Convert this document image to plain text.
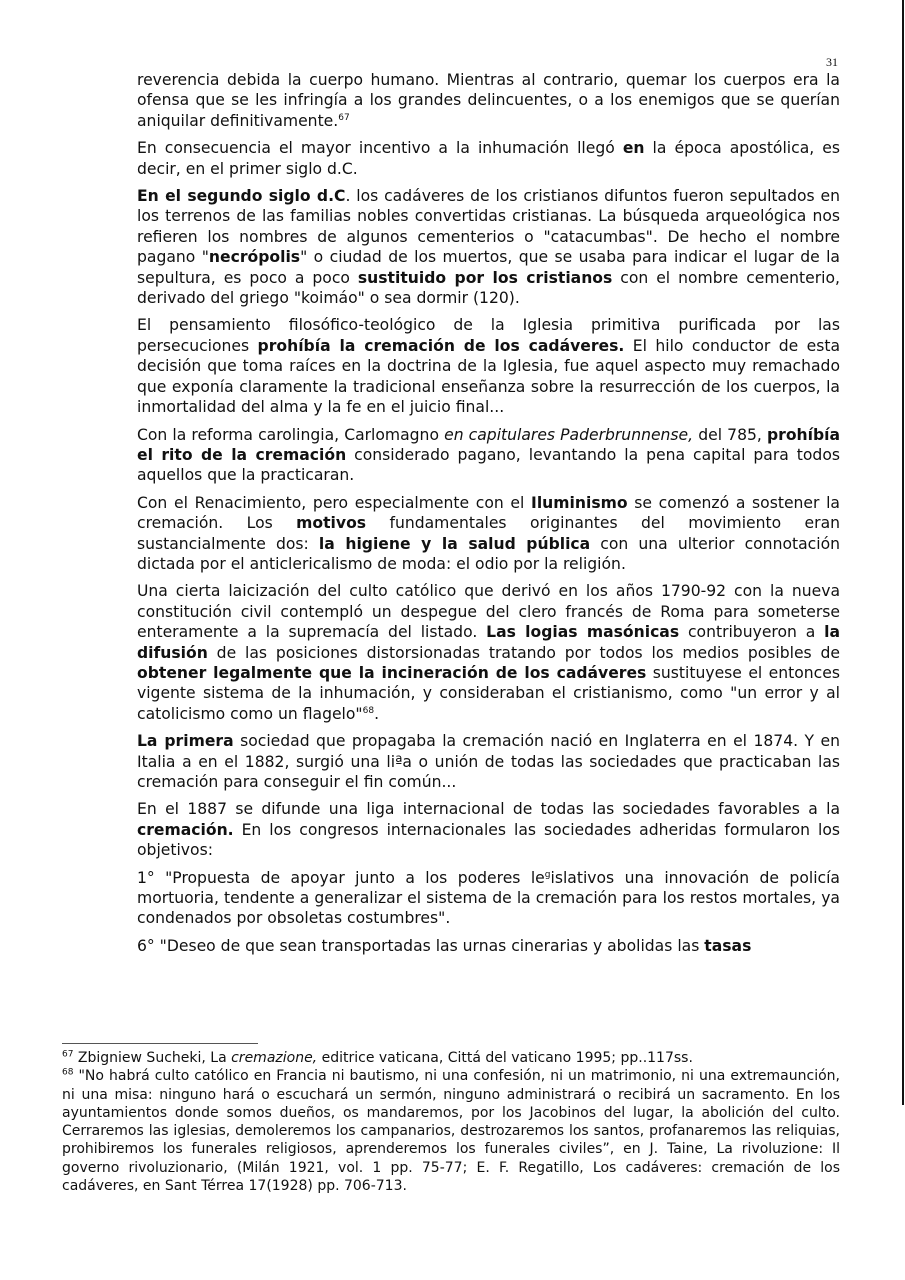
31

reverencia debida la cuerpo humano. Mientras al contrario, quemar los cuerpos era la ofensa que se les infringía a los grandes delincuentes, o a los enemigos que se querían aniquilar definitivamente.$^{67}$

En consecuencia el mayor incentivo a la inhumación llegó en la época apostólica, es decir, en el primer siglo d.C.

En el segundo siglo d.C. los cadáveres de los cristianos difuntos fueron sepultados en los terrenos de las familias nobles convertidas cristianas. La búsqueda arqueológica nos refieren los nombres de algunos cementerios o "catacumbas". De hecho el nombre pagano "necrópolis" o ciudad de los muertos, que se usaba para indicar el lugar de la sepultura, es poco a poco sustituido por los cristianos con el nombre cementerio, derivado del griego "koimáo" o sea dormir (120).

El pensamiento filosófico-teológico de la Iglesia primitiva purificada por las persecuciones prohíbía la cremación de los cadáveres. El hilo conductor de esta decisión que toma raíces en la doctrina de la Iglesia, fue aquel aspecto muy remachado que exponía claramente la tradicional enseñanza sobre la resurrección de los cuerpos, la inmortalidad del alma y la fe en el juicio final...

Con la reforma carolingia, Carlomagno en capitulares Paderbrunnense, del 785, prohíbía el rito de la cremación considerado pagano, levantando la pena capital para todos aquellos que la practicaran.

Con el Renacimiento, pero especialmente con el Iluminismo se comenzó a sostener la cremación. Los motivos fundamentales originantes del movimiento eran sustancialmente dos: la higiene y la salud pública con una ulterior connotación dictada por el anticlericalismo de moda: el odio por la religión.

Una cierta laicización del culto católico que derivó en los años 1790-92 con la nueva constitución civil contempló un despegue del clero francés de Roma para someterse enteramente a la supremacía del listado. Las logias masónicas contribuyeron a la difusión de las posiciones distorsionadas tratando por todos los medios posibles de obtener legalmente que la incineración de los cadáveres sustituyese el entonces vigente sistema de la inhumación, y consideraban el cristianismo, como "un error y al catolicismo como un flagelo"$^{68}$.

La primera sociedad que propagaba la cremación nació en Inglaterra en el 1874. Y en Italia a en el 1882, surgió una liªa o unión de todas las sociedades que practicaban las cremación para conseguir el fin común...

En el 1887 se difunde una liga internacional de todas las sociedades favorables a la cremación. En los congresos internacionales las sociedades adheridas formularon los objetivos:

1° "Propuesta de apoyar junto a los poderes $le^gislativos$ una innovación de policía mortuoria, tendente a generalizar el sistema de la cremación para los restos mortales, ya condenados por obsoletas costumbres".

6° "Deseo de que sean transportadas las urnas cinerarias y abolidas las tasas

$^{67}$ Zbigniew Sucheki, La cremazione, editrice vaticana, Cittá del vaticano 1995; pp..117ss.

$^{68}$ "No habrá culto católico en Francia ni bautismo, ni una confesión, ni un matrimonio, ni una extremaunción, ni una misa: ninguno hará o escuchará un sermón, ninguno administrará o recibirá un sacramento. En los ayuntamientos donde somos dueños, os mandaremos, por los Jacobinos del lugar, la abolición del culto. Cerraremos las iglesias, demoleremos los campanarios, destrozaremos los santos, profanaremos las reliquias, prohibiremos los funerales religiosos, aprenderemos los funerales civiles”, en J. Taine, La rivoluzione: Il governo rivoluzionario, (Milán 1921, vol. 1 pp. 75-77; E. F. Regatillo, Los cadáveres: cremación de los cadáveres, en Sant Térrea 17(1928) pp. 706-713.
